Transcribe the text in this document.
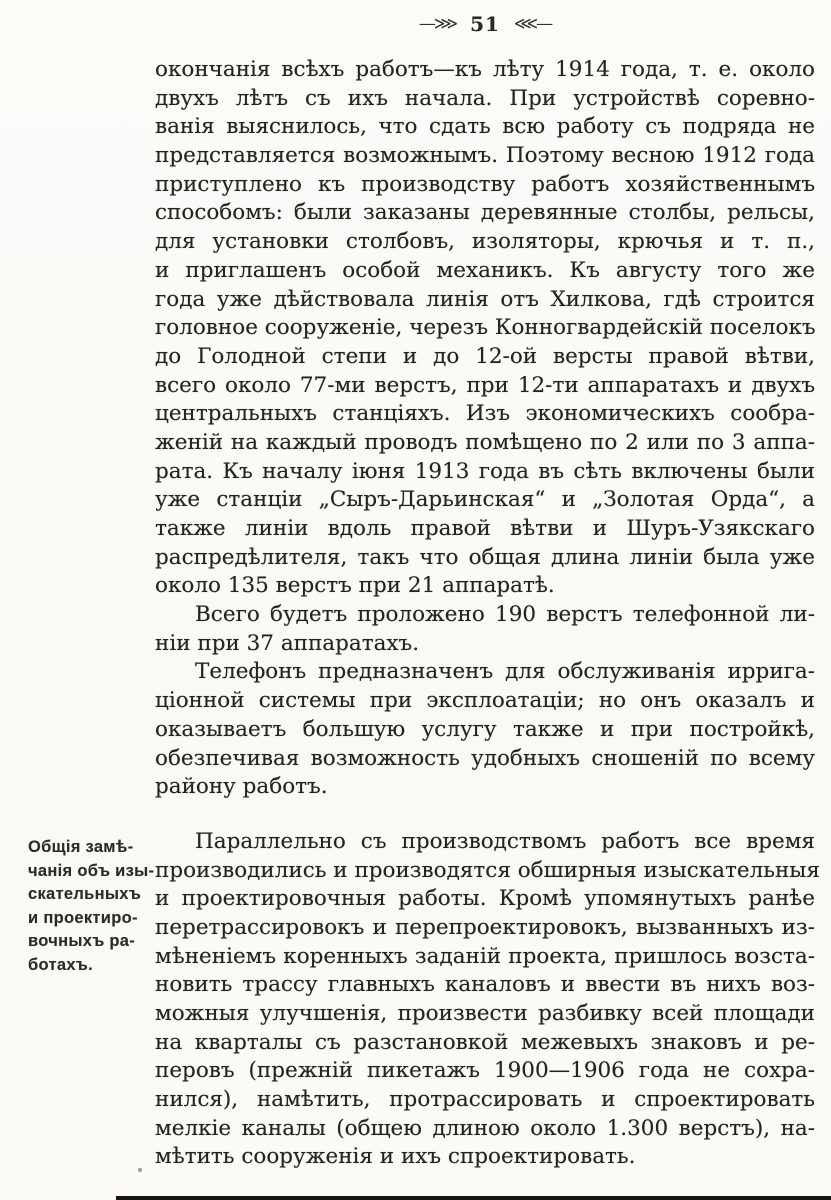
—⋙ 51 ⋘—
окончанія всѣхъ работъ—къ лѣту 1914 года, т. е. около
двухъ лѣтъ съ ихъ начала. При устройствѣ соревно-
ванія выяснилось, что сдать всю работу съ подряда не
представляется возможнымъ. Поэтому весною 1912 года
приступлено къ производству работъ хозяйственнымъ
способомъ: были заказаны деревянные столбы, рельсы,
для установки столбовъ, изоляторы, крючья и т. п.,
и приглашенъ особой механикъ. Къ августу того же
года уже дѣйствовала линія отъ Хилкова, гдѣ строится
головное сооруженіе, черезъ Конногвардейскій поселокъ
до Голодной степи и до 12-ой версты правой вѣтви,
всего около 77-ми верстъ, при 12-ти аппаратахъ и двухъ
центральныхъ станціяхъ. Изъ экономическихъ сообра-
женій на каждый проводъ помѣщено по 2 или по 3 аппа-
рата. Къ началу іюня 1913 года въ сѣть включены были
уже станціи „Сыръ-Дарьинская“ и „Золотая Орда“, а
также линіи вдоль правой вѣтви и Шуръ-Узякскаго
распредѣлителя, такъ что общая длина линіи была уже
около 135 верстъ при 21 аппаратѣ.
Всего будетъ проложено 190 верстъ телефонной ли-
ніи при 37 аппаратахъ.
Телефонъ предназначенъ для обслуживанія иррига-
ціонной системы при эксплоатаціи; но онъ оказалъ и
оказываетъ большую услугу также и при постройкѣ,
обезпечивая возможность удобныхъ сношеній по всему
району работъ.
Параллельно съ производствомъ работъ все время
производились и производятся обширныя изыскательныя
и проектировочныя работы. Кромѣ упомянутыхъ ранѣе
перетрассировокъ и перепроектировокъ, вызванныхъ из-
мѣненіемъ коренныхъ заданій проекта, пришлось возста-
новить трассу главныхъ каналовъ и ввести въ нихъ воз-
можныя улучшенія, произвести разбивку всей площади
на кварталы съ разстановкой межевыхъ знаковъ и ре-
перовъ (прежній пикетажъ 1900—1906 года не сохра-
нился), намѣтить, протрассировать и спроектировать
мелкіе каналы (общею длиною около 1.300 верстъ), на-
мѣтить сооруженія и ихъ спроектировать.
Общія замѣ-
чанія объ изы-
скательныхъ
и проектиро-
вочныхъ ра-
ботахъ.
